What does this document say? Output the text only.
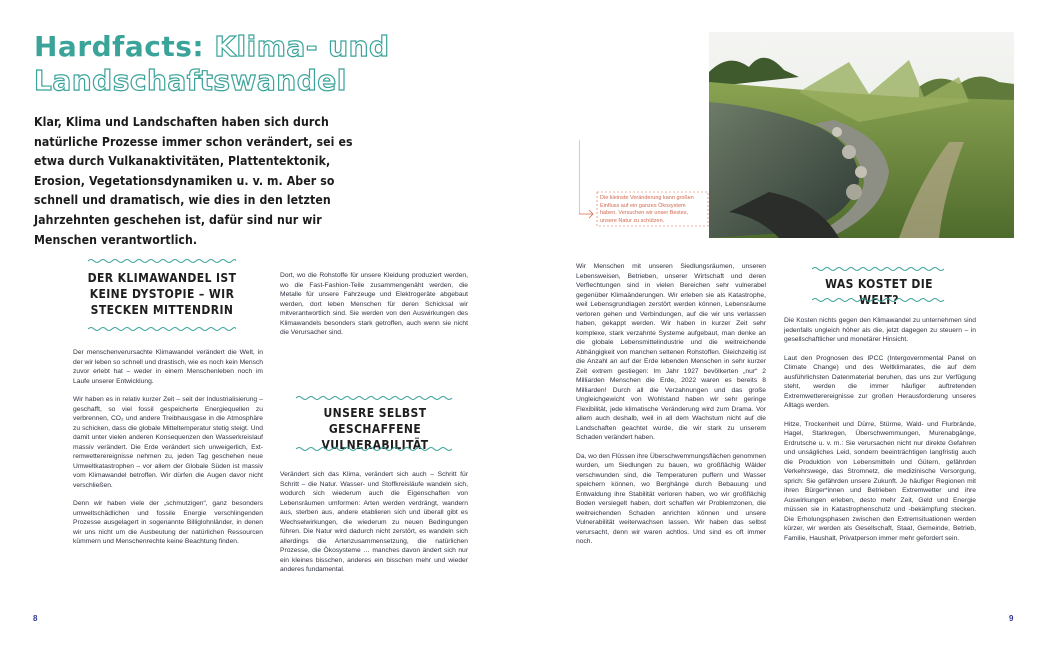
Hardfacts: Klima- und
Landschaftswandel
Klar, Klima und Landschaften haben sich durch natürliche Prozesse immer schon verändert, sei es etwa durch Vulkanaktivitäten, Plattentektonik, Erosion, Vegetationsdynamiken u. v. m. Aber so schnell und dramatisch, wie dies in den letzten Jahrzehnten geschehen ist, dafür sind nur wir Menschen verantwortlich.
Die kleinste Veränderung kann großen Einfluss auf ein ganzes Ökosystem haben. Versuchen wir unser Bestes, unsere Natur zu schützen.
DER KLIMAWANDEL IST KEINE DYSTOPIE – WIR STECKEN MITTENDRIN

Der menschenverursachte Klimawandel verändert die Welt, in der wir leben so schnell und drastisch, wie es noch kein Mensch zuvor erlebt hat – weder in einem Menschenleben noch im Laufe unserer Entwicklung.

Wir haben es in relativ kurzer Zeit – seit der Industrialisierung – geschafft, so viel fossil gespeicherte Energiequellen zu verbrennen, CO₂ und andere Treibhausgase in die Atmosphäre zu schicken, dass die globale Mitteltemperatur stetig steigt. Und damit unter vielen anderen Konsequenzen den Wasserkreislauf massiv verändert. Die Erde verändert sich unweigerlich, Extremwetterereignisse nehmen zu, jeden Tag geschehen neue Umweltkatastrophen – vor allem der Globale Süden ist massiv vom Klimawandel betroffen. Wir dürfen die Augen davor nicht verschließen.

Denn wir haben viele der „schmutzigen“, ganz besonders umweltschädlichen und fossile Energie verschlingenden Prozesse ausgelagert in sogenannte Billiglohnländer, in denen wir uns nicht um die Ausbeutung der natürlichen Ressourcen kümmern und Menschenrechte keine Beachtung finden.

Dort, wo die Rohstoffe für unsere Kleidung produziert werden, wo die Fast-Fashion-Teile zusammengenäht werden, die Metalle für unsere Fahrzeuge und Elektrogeräte abgebaut werden, dort leben Menschen für deren Schicksal wir mitverantwortlich sind. Sie werden von den Auswirkungen des Klimawandels besonders stark getroffen, auch wenn sie nicht die Verursacher sind.

UNSERE SELBST GESCHAFFENE VULNERABILITÄT

Verändert sich das Klima, verändert sich auch – Schritt für Schritt – die Natur. Wasser- und Stoffkreisläufe wandeln sich, wodurch sich wiederum auch die Eigenschaften von Lebensräumen umformen: Arten werden verdrängt, wandern aus, sterben aus, andere etablieren sich und überall gibt es Wechselwirkungen, die wiederum zu neuen Bedingungen führen. Die Natur wird dadurch nicht zerstört, es wandeln sich allerdings die Artenzusammensetzung, die natürlichen Prozesse, die Ökosysteme … manches davon ändert sich nur ein kleines bisschen, anderes ein bisschen mehr und wieder anderes fundamental.

Wir Menschen mit unseren Siedlungsräumen, unseren Lebensweisen, Betrieben, unserer Wirtschaft und deren Verflechtungen sind in vielen Bereichen sehr vulnerabel gegenüber Klimaänderungen. Wir erleben sie als Katastrophe, weil Lebensgrundlagen zerstört werden können, Lebensräume verloren gehen und Verbindungen, auf die wir uns verlassen haben, gekappt werden. Wir haben in kurzer Zeit sehr komplexe, stark verzahnte Systeme aufgebaut, man denke an die globale Lebensmittelindustrie und die weitreichende Abhängigkeit von manchen seltenen Rohstoffen. Gleichzeitig ist die Anzahl an auf der Erde lebenden Menschen in sehr kurzer Zeit extrem gestiegen: Im Jahr 1927 bevölkerten „nur“ 2 Milliarden Menschen die Erde, 2022 waren es bereits 8 Milliarden! Durch all die Verzahnungen und das große Ungleichgewicht von Wohlstand haben wir sehr geringe Flexibilität, jede klimatische Veränderung wird zum Drama. Vor allem auch deshalb, weil in all dem Wachstum nicht auf die Landschaften geachtet wurde, die wir stark zu unserem Schaden verändert haben.

Da, wo den Flüssen ihre Überschwemmungsflächen genommen wurden, um Siedlungen zu bauen, wo großflächig Wälder verschwunden sind, die Temperaturen puffern und Wasser speichern können, wo Berghänge durch Bebauung und Entwaldung ihre Stabilität verloren haben, wo wir großflächig Boden versiegelt haben, dort schaffen wir Problemzonen, die weitreichenden Schaden anrichten können und unsere Vulnerabilität weiterwachsen lassen. Wir haben das selbst verursacht, denn wir waren achtlos. Und sind es oft immer noch.

WAS KOSTET DIE WELT?

Die Kosten nichts gegen den Klimawandel zu unternehmen sind jedenfalls ungleich höher als die, jetzt dagegen zu steuern – in gesellschaftlicher und monetärer Hinsicht.

Laut den Prognosen des IPCC (Intergovernmental Panel on Climate Change) und des Weltklimarates, die auf dem ausführlichsten Datenmaterial beruhen, das uns zur Verfügung steht, werden die immer häufiger auftretenden Extremwetterereignisse zur großen Herausforderung unseres Alltags werden.

Hitze, Trockenheit und Dürre, Stürme, Wald- und Flurbrände, Hagel, Starkregen, Überschwemmungen, Murenabgänge, Erdrutsche u. v. m.: Sie verursachen nicht nur direkte Gefahren und unsägliches Leid, sondern beeinträchtigen langfristig auch die Produktion von Lebensmitteln und Gütern, gefährden Verkehrswege, das Stromnetz, die medizinische Versorgung, sprich: Sie gefährden unsere Zukunft. Je häufiger Regionen mit ihren Bürger*innen und Betrieben Extremwetter und ihre Auswirkungen erleben, desto mehr Zeit, Geld und Energie müssen sie in Katastrophenschutz und -bekämpfung stecken. Die Erholungsphasen zwischen den Extremsituationen werden kürzer, wir werden als Gesellschaft, Staat, Gemeinde, Betrieb, Familie, Haushalt, Privatperson immer mehr gefordert sein.

8	9
